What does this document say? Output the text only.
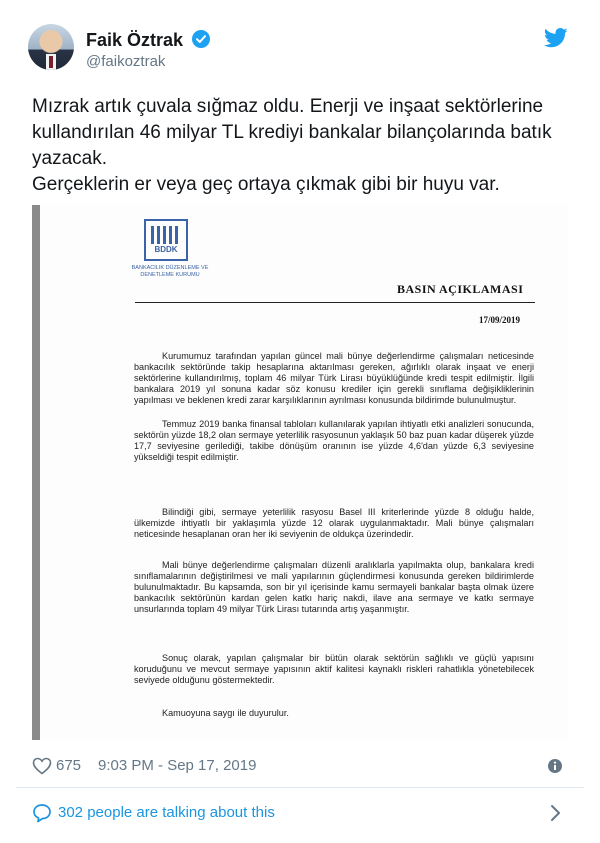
Faik Öztrak
@faikoztrak

Mızrak artık çuvala sığmaz oldu. Enerji ve inşaat sektörlerine kullandırılan 46 milyar TL krediyi bankalar bilançolarında batık yazacak.

Gerçeklerin er veya geç ortaya çıkmak gibi bir huyu var.

BDDK
BANKACILIK DÜZENLEME VE DENETLEME KURUMU
BASIN AÇIKLAMASI
17/09/2019

Kurumumuz tarafından yapılan güncel mali bünye değerlendirme çalışmaları neticesinde bankacılık sektöründe takip hesaplarına aktarılması gereken, ağırlıklı olarak inşaat ve enerji sektörlerine kullandırılmış, toplam 46 milyar Türk Lirası büyüklüğünde kredi tespit edilmiştir. İlgili bankalara 2019 yıl sonuna kadar söz konusu krediler için gerekli sınıflama değişikliklerinin yapılması ve beklenen kredi zarar karşılıklarının ayrılması konusunda bildirimde bulunulmuştur.

Temmuz 2019 banka finansal tabloları kullanılarak yapılan ihtiyatlı etki analizleri sonucunda, sektörün yüzde 18,2 olan sermaye yeterlilik rasyosunun yaklaşık 50 baz puan kadar düşerek yüzde 17,7 seviyesine gerilediği, takibe dönüşüm oranının ise yüzde 4,6'dan yüzde 6,3 seviyesine yükseldiği tespit edilmiştir.

Bilindiği gibi, sermaye yeterlilik rasyosu Basel III kriterlerinde yüzde 8 olduğu halde, ülkemizde ihtiyatlı bir yaklaşımla yüzde 12 olarak uygulanmaktadır. Mali bünye çalışmaları neticesinde hesaplanan oran her iki seviyenin de oldukça üzerindedir.

Mali bünye değerlendirme çalışmaları düzenli aralıklarla yapılmakta olup, bankalara kredi sınıflamalarının değiştirilmesi ve mali yapılarının güçlendirmesi konusunda gereken bildirimlerde bulunulmaktadır. Bu kapsamda, son bir yıl içerisinde kamu sermayeli bankalar başta olmak üzere bankacılık sektörünün kardan gelen katkı hariç nakdi, ilave ana sermaye ve katkı sermaye unsurlarında toplam 49 milyar Türk Lirası tutarında artış yaşanmıştır.

Sonuç olarak, yapılan çalışmalar bir bütün olarak sektörün sağlıklı ve güçlü yapısını koruduğunu ve mevcut sermaye yapısının aktif kalitesi kaynaklı riskleri rahatlıkla yönetebilecek seviyede olduğunu göstermektedir.

Kamuoyuna saygı ile duyurulur.

675 9:03 PM - Sep 17, 2019
302 people are talking about this
